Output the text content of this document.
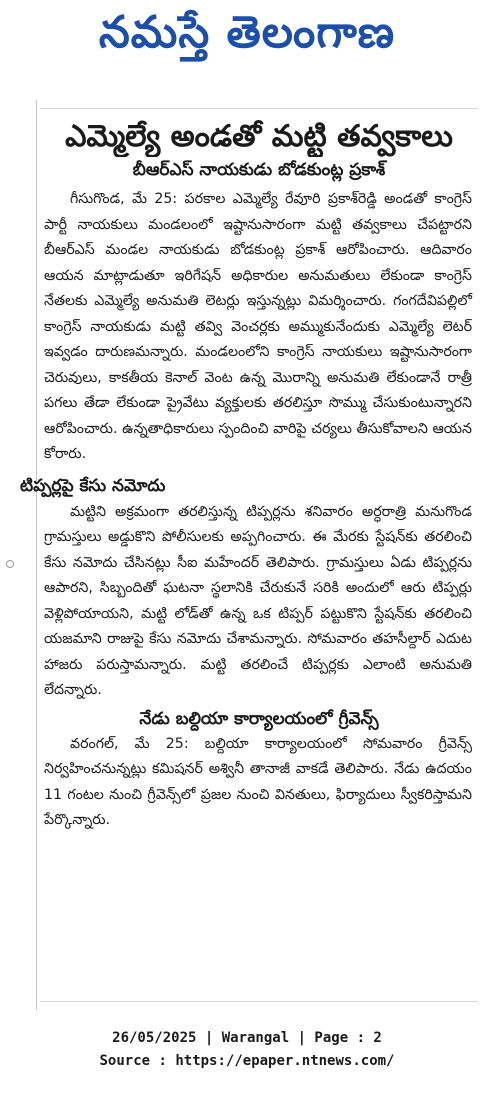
నమస్తే తెలంగాణ
ఎమ్మెల్యే అండతో మట్టి తవ్వకాలు
బీఆర్‌ఎస్‌ నాయకుడు బోడకుంట్ల ప్రకాశ్‌

గీసుగొండ, మే 25: పరకాల ఎమ్మెల్యే రేవూరి ప్రకాశ్‌రెడ్డి అండతో కాంగ్రెస్‌ పార్టీ నాయకులు మండలంలో ఇష్టానుసారంగా మట్టి తవ్వకాలు చేపట్టారని బీఆర్‌ఎస్‌ మండల నాయకుడు బోడకుంట్ల ప్రకాశ్‌ ఆరోపించారు. ఆదివారం ఆయన మాట్లాడుతూ ఇరిగేషన్‌ అధికారుల అనుమతులు లేకుండా కాంగ్రెస్‌ నేతలకు ఎమ్మెల్యే అనుమతి లెటర్లు ఇస్తున్నట్లు విమర్శించారు. గంగదేవిపల్లిలో కాంగ్రెస్‌ నాయకుడు మట్టి తవ్వి వెంచర్లకు అమ్ముకునేందుకు ఎమ్మెల్యే లెటర్‌ ఇవ్వడం దారుణమన్నారు. మండలంలోని కాంగ్రెస్‌ నాయకులు ఇష్టానుసారంగా చెరువులు, కాకతీయ కెనాల్‌ వెంట ఉన్న మొరాన్ని అనుమతి లేకుండానే రాత్రీ పగలు తేడా లేకుండా ప్రైవేటు వ్యక్తులకు తరలిస్తూ సొమ్ము చేసుకుంటున్నారని ఆరోపించారు. ఉన్నతాధికారులు స్పందించి వారిపై చర్యలు తీసుకోవాలని ఆయన కోరారు.

టిప్పర్లపై కేసు నమోదు

మట్టిని అక్రమంగా తరలిస్తున్న టిప్పర్లను శనివారం అర్ధరాత్రి మనుగొండ గ్రామస్తులు అడ్డుకొని పోలీసులకు అప్పగించారు. ఈ మేరకు స్టేషన్‌కు తరలించి కేసు నమోదు చేసినట్లు సీఐ మహేందర్‌ తెలిపారు. గ్రామస్తులు ఏడు టిప్పర్లను ఆపారని, సిబ్బందితో ఘటనా స్థలానికి చేరుకునే సరికి అందులో ఆరు టిప్పర్లు వెళ్లిపోయాయని, మట్టి లోడ్‌తో ఉన్న ఒక టిప్పర్‌ పట్టుకొని స్టేషన్‌కు తరలించి యజమాని రాజుపై కేసు నమోదు చేశామన్నారు. సోమవారం తహసీల్దార్‌ ఎదుట హాజరు పరుస్తామన్నారు. మట్టి తరలించే టిప్పర్లకు ఎలాంటి అనుమతి లేదన్నారు.

నేడు బల్దియా కార్యాలయంలో గ్రీవెన్స్‌

వరంగల్‌, మే 25: బల్దియా కార్యాలయంలో సోమవారం గ్రీవెన్స్‌ నిర్వహించనున్నట్లు కమిషనర్‌ అశ్వినీ తానాజీ వాకడే తెలిపారు. నేడు ఉదయం 11 గంటల నుంచి గ్రీవెన్స్‌లో ప్రజల నుంచి వినతులు, ఫిర్యాదులు స్వీకరిస్తామని పేర్కొన్నారు.

26/05/2025 | Warangal | Page : 2
Source : https://epaper.ntnews.com/
